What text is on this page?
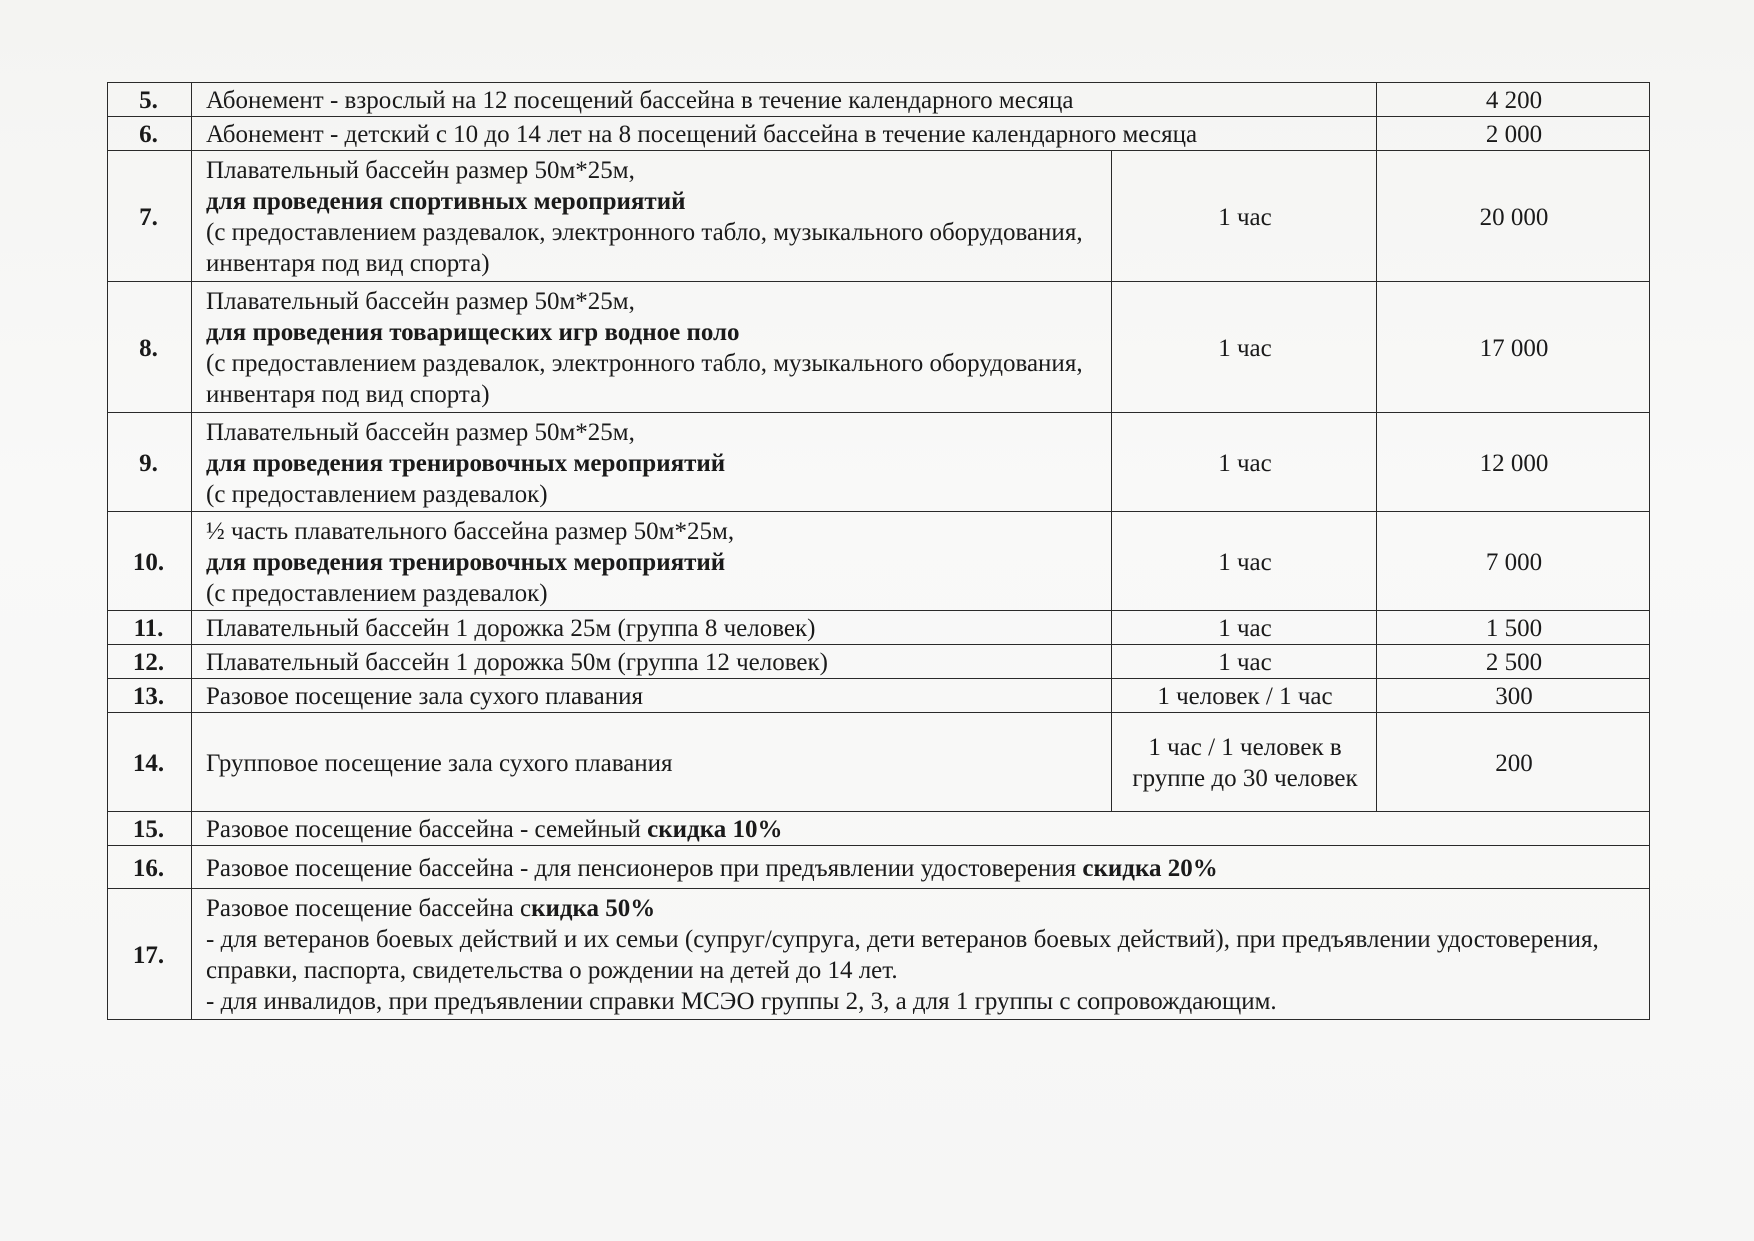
5.	Абонемент - взрослый на 12 посещений бассейна в течение календарного месяца		4 200
6.	Абонемент - детский с 10 до 14 лет на 8 посещений бассейна в течение календарного месяца		2 000
7.	Плавательный бассейн размер 50м*25м,
для проведения спортивных мероприятий
(с предоставлением раздевалок, электронного табло, музыкального оборудования, инвентаря под вид спорта)	1 час	20 000
8.	Плавательный бассейн размер 50м*25м,
для проведения товарищеских игр водное поло
(с предоставлением раздевалок, электронного табло, музыкального оборудования, инвентаря под вид спорта)	1 час	17 000
9.	Плавательный бассейн размер 50м*25м,
для проведения тренировочных мероприятий
(с предоставлением раздевалок)	1 час	12 000
10.	½ часть плавательного бассейна размер 50м*25м,
для проведения тренировочных мероприятий
(с предоставлением раздевалок)	1 час	7 000
11.	Плавательный бассейн 1 дорожка 25м (группа 8 человек)	1 час	1 500
12.	Плавательный бассейн 1 дорожка 50м (группа 12 человек)	1 час	2 500
13.	Разовое посещение зала сухого плавания	1 человек / 1 час	300
14.	Групповое посещение зала сухого плавания	1 час / 1 человек в группе до 30 человек	200
15.	Разовое посещение бассейна - семейный скидка 10%		
16.	Разовое посещение бассейна - для пенсионеров при предъявлении удостоверения скидка 20%		
17.	Разовое посещение бассейна скидка 50%
- для ветеранов боевых действий и их семьи (супруг/супруга, дети ветеранов боевых действий), при предъявлении удостоверения, справки, паспорта, свидетельства о рождении на детей до 14 лет.
- для инвалидов, при предъявлении справки МСЭО группы 2, 3, а для 1 группы с сопровождающим.		
